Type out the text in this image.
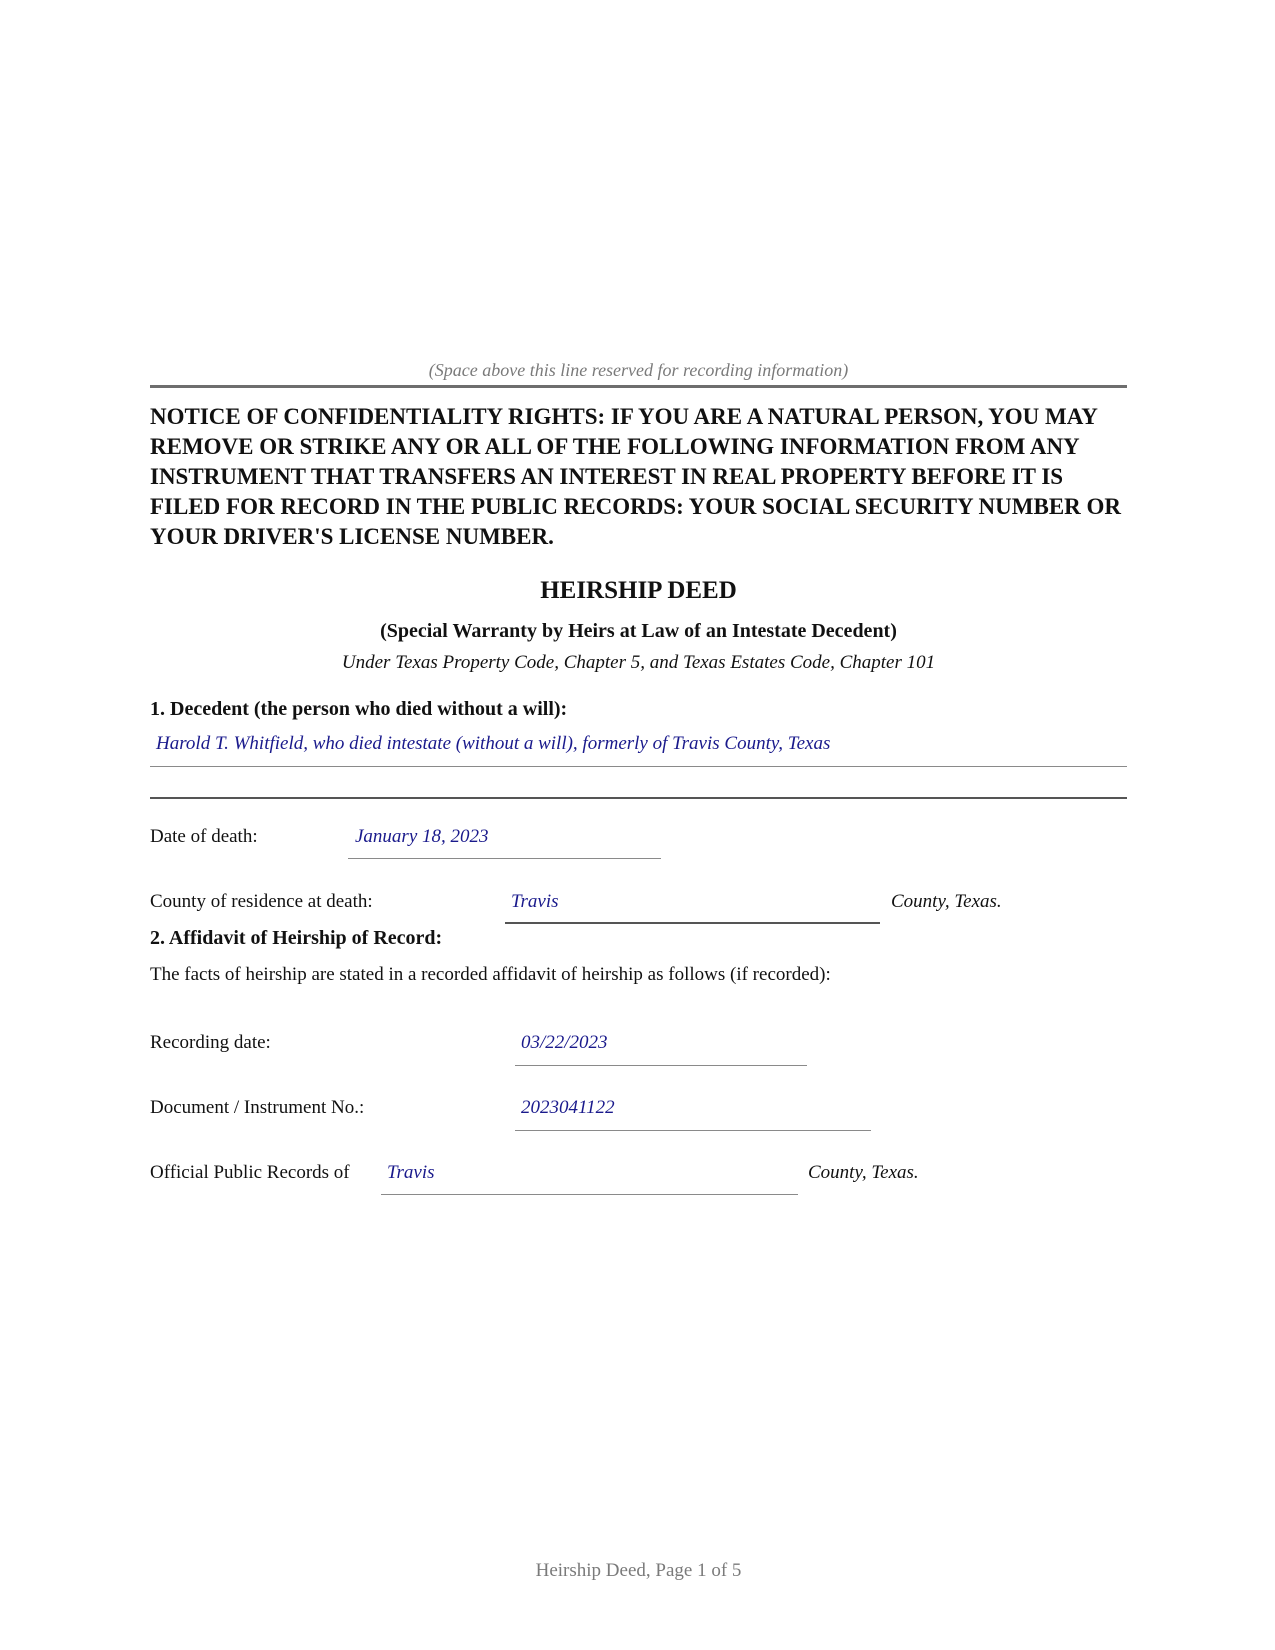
(Space above this line reserved for recording information)
NOTICE OF CONFIDENTIALITY RIGHTS: IF YOU ARE A NATURAL PERSON, YOU MAY REMOVE OR STRIKE ANY OR ALL OF THE FOLLOWING INFORMATION FROM ANY INSTRUMENT THAT TRANSFERS AN INTEREST IN REAL PROPERTY BEFORE IT IS FILED FOR RECORD IN THE PUBLIC RECORDS: YOUR SOCIAL SECURITY NUMBER OR YOUR DRIVER'S LICENSE NUMBER.
HEIRSHIP DEED
(Special Warranty by Heirs at Law of an Intestate Decedent)
Under Texas Property Code, Chapter 5, and Texas Estates Code, Chapter 101
1. Decedent (the person who died without a will):
Harold T. Whitfield, who died intestate (without a will), formerly of Travis County, Texas
Date of death:	January 18, 2023
County of residence at death:	Travis	County, Texas.
2. Affidavit of Heirship of Record:
The facts of heirship are stated in a recorded affidavit of heirship as follows (if recorded):
Recording date:	03/22/2023
Document / Instrument No.:	2023041122
Official Public Records of Travis	County, Texas.
Heirship Deed, Page 1 of 5
